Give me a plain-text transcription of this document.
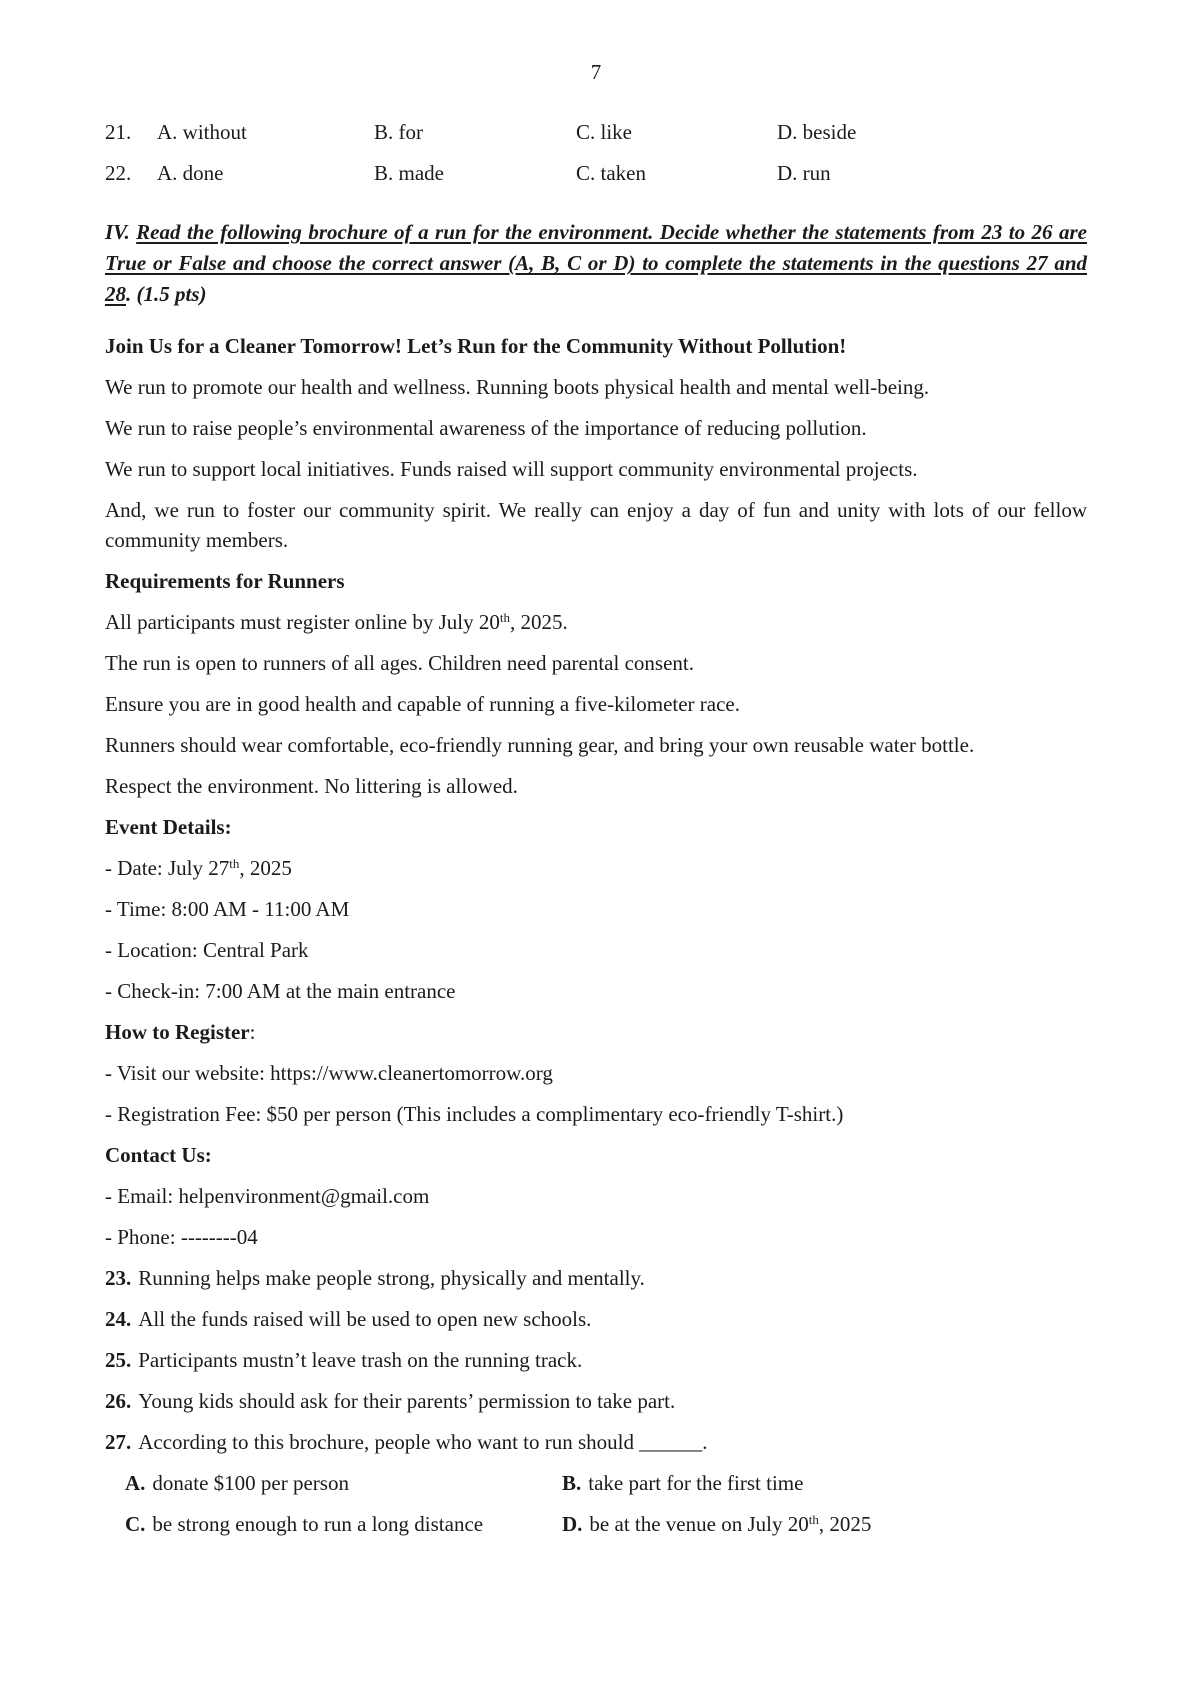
7
21.	A. without	B. for	C. like	D. beside
22.	A. done	B. made	C. taken	D. run
IV. Read the following brochure of a run for the environment. Decide whether the statements from 23 to 26 are True or False and choose the correct answer (A, B, C or D) to complete the statements in the questions 27 and 28. (1.5 pts)
Join Us for a Cleaner Tomorrow! Let’s Run for the Community Without Pollution!
We run to promote our health and wellness. Running boots physical health and mental well-being.
We run to raise people’s environmental awareness of the importance of reducing pollution.
We run to support local initiatives. Funds raised will support community environmental projects.
And, we run to foster our community spirit. We really can enjoy a day of fun and unity with lots of our fellow community members.
Requirements for Runners
All participants must register online by July 20th, 2025.
The run is open to runners of all ages. Children need parental consent.
Ensure you are in good health and capable of running a five-kilometer race.
Runners should wear comfortable, eco-friendly running gear, and bring your own reusable water bottle.
Respect the environment. No littering is allowed.
Event Details:
- Date: July 27th, 2025
- Time: 8:00 AM - 11:00 AM
- Location: Central Park
- Check-in: 7:00 AM at the main entrance
How to Register:
- Visit our website: https://www.cleanertomorrow.org
- Registration Fee: $50 per person (This includes a complimentary eco-friendly T-shirt.)
Contact Us:
- Email: helpenvironment@gmail.com
- Phone: --------04
23. Running helps make people strong, physically and mentally.
24. All the funds raised will be used to open new schools.
25. Participants mustn’t leave trash on the running track.
26. Young kids should ask for their parents’ permission to take part.
27. According to this brochure, people who want to run should ______.
A. donate $100 per person	B. take part for the first time
C. be strong enough to run a long distance	D. be at the venue on July 20th, 2025
